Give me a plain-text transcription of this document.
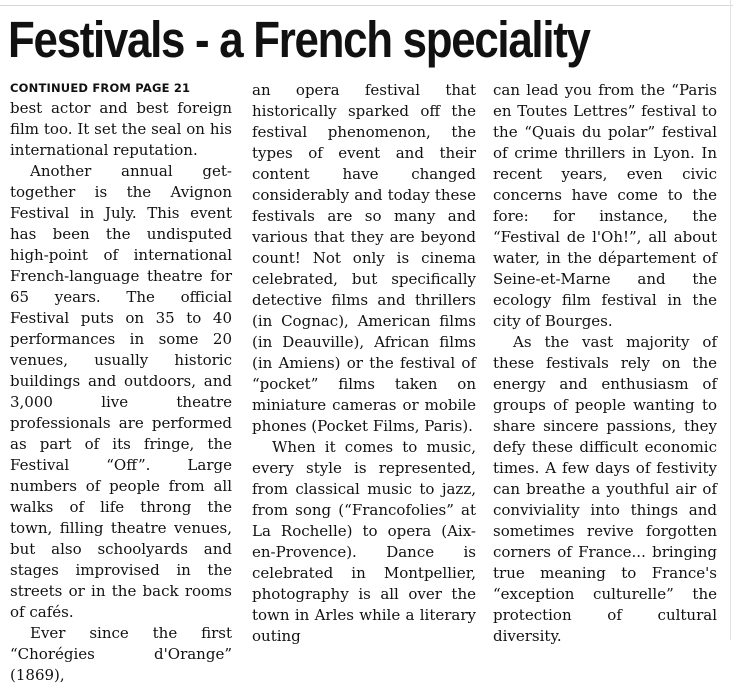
Festivals - a French speciality
CONTINUED FROM PAGE 21

best actor and best foreign film too. It set the seal on his international reputation.

Another annual get-together is the Avignon Festival in July. This event has been the undisputed high-point of international French-language theatre for 65 years. The official Festival puts on 35 to 40 performances in some 20 venues, usually historic buildings and outdoors, and 3,000 live theatre professionals are performed as part of its fringe, the Festival “Off”. Large numbers of people from all walks of life throng the town, filling theatre venues, but also schoolyards and stages improvised in the streets or in the back rooms of cafés.

Ever since the first “Chorégies d'Orange” (1869),

an opera festival that historically sparked off the festival phenomenon, the types of event and their content have changed considerably and today these festivals are so many and various that they are beyond count! Not only is cinema celebrated, but specifically detective films and thrillers (in Cognac), American films (in Deauville), African films (in Amiens) or the festival of “pocket” films taken on miniature cameras or mobile phones (Pocket Films, Paris).

When it comes to music, every style is represented, from classical music to jazz, from song (“Francofolies” at La Rochelle) to opera (Aix-en-Provence). Dance is celebrated in Montpellier, photography is all over the town in Arles while a literary outing

can lead you from the “Paris en Toutes Lettres” festival to the “Quais du polar” festival of crime thrillers in Lyon. In recent years, even civic concerns have come to the fore: for instance, the “Festival de l'Oh!”, all about water, in the département of Seine-et-Marne and the ecology film festival in the city of Bourges.

As the vast majority of these festivals rely on the energy and enthusiasm of groups of people wanting to share sincere passions, they defy these difficult economic times. A few days of festivity can breathe a youthful air of conviviality into things and sometimes revive forgotten corners of France... bringing true meaning to France's “exception culturelle” the protection of cultural diversity.
